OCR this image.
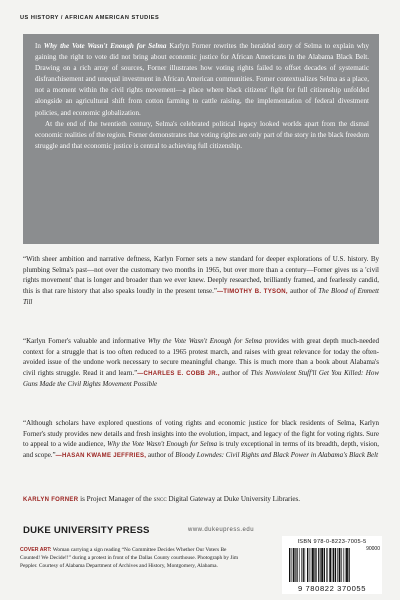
US HISTORY / AFRICAN AMERICAN STUDIES

In Why the Vote Wasn't Enough for Selma Karlyn Forner rewrites the heralded story of Selma to explain why gaining the right to vote did not bring about economic justice for African Americans in the Alabama Black Belt. Drawing on a rich array of sources, Forner illustrates how voting rights failed to offset decades of systematic disfranchisement and unequal investment in African American communities. Forner contextualizes Selma as a place, not a moment within the civil rights movement—a place where black citizens' fight for full citizenship unfolded alongside an agricultural shift from cotton farming to cattle raising, the implementation of federal divestment policies, and economic globalization.

At the end of the twentieth century, Selma's celebrated political legacy looked worlds apart from the dismal economic realities of the region. Forner demonstrates that voting rights are only part of the story in the black freedom struggle and that economic justice is central to achieving full citizenship.

“With sheer ambition and narrative deftness, Karlyn Forner sets a new standard for deeper explorations of U.S. history. By plumbing Selma's past—not over the customary two months in 1965, but over more than a century—Forner gives us a 'civil rights movement' that is longer and broader than we ever knew. Deeply researched, brilliantly framed, and fearlessly candid, this is that rare history that also speaks loudly in the present tense.”—TIMOTHY B. TYSON, author of The Blood of Emmett Till
“Karlyn Forner's valuable and informative Why the Vote Wasn't Enough for Selma provides with great depth much-needed context for a struggle that is too often reduced to a 1965 protest march, and raises with great relevance for today the often-avoided issue of the undone work necessary to secure meaningful change. This is much more than a book about Alabama's civil rights struggle. Read it and learn.”—CHARLES E. COBB JR., author of This Nonviolent Stuff'll Get You Killed: How Guns Made the Civil Rights Movement Possible
“Although scholars have explored questions of voting rights and economic justice for black residents of Selma, Karlyn Forner's study provides new details and fresh insights into the evolution, impact, and legacy of the fight for voting rights. Sure to appeal to a wide audience, Why the Vote Wasn't Enough for Selma is truly exceptional in terms of its breadth, depth, vision, and scope.”—HASAN KWAME JEFFRIES, author of Bloody Lowndes: Civil Rights and Black Power in Alabama's Black Belt
KARLYN FORNER is Project Manager of the sncc Digital Gateway at Duke University Libraries.
DUKE UNIVERSITY PRESS	www.dukeupress.edu
COVER ART: Woman carrying a sign reading “No Committee Decides Whether Our Voters Be Counted! We Decide!!” during a protest in front of the Dallas County courthouse. Photograph by Jim Peppler. Courtesy of Alabama Department of Archives and History, Montgomery, Alabama.
ISBN 978-0-8223-7005-5
90000
9 780822 370055
